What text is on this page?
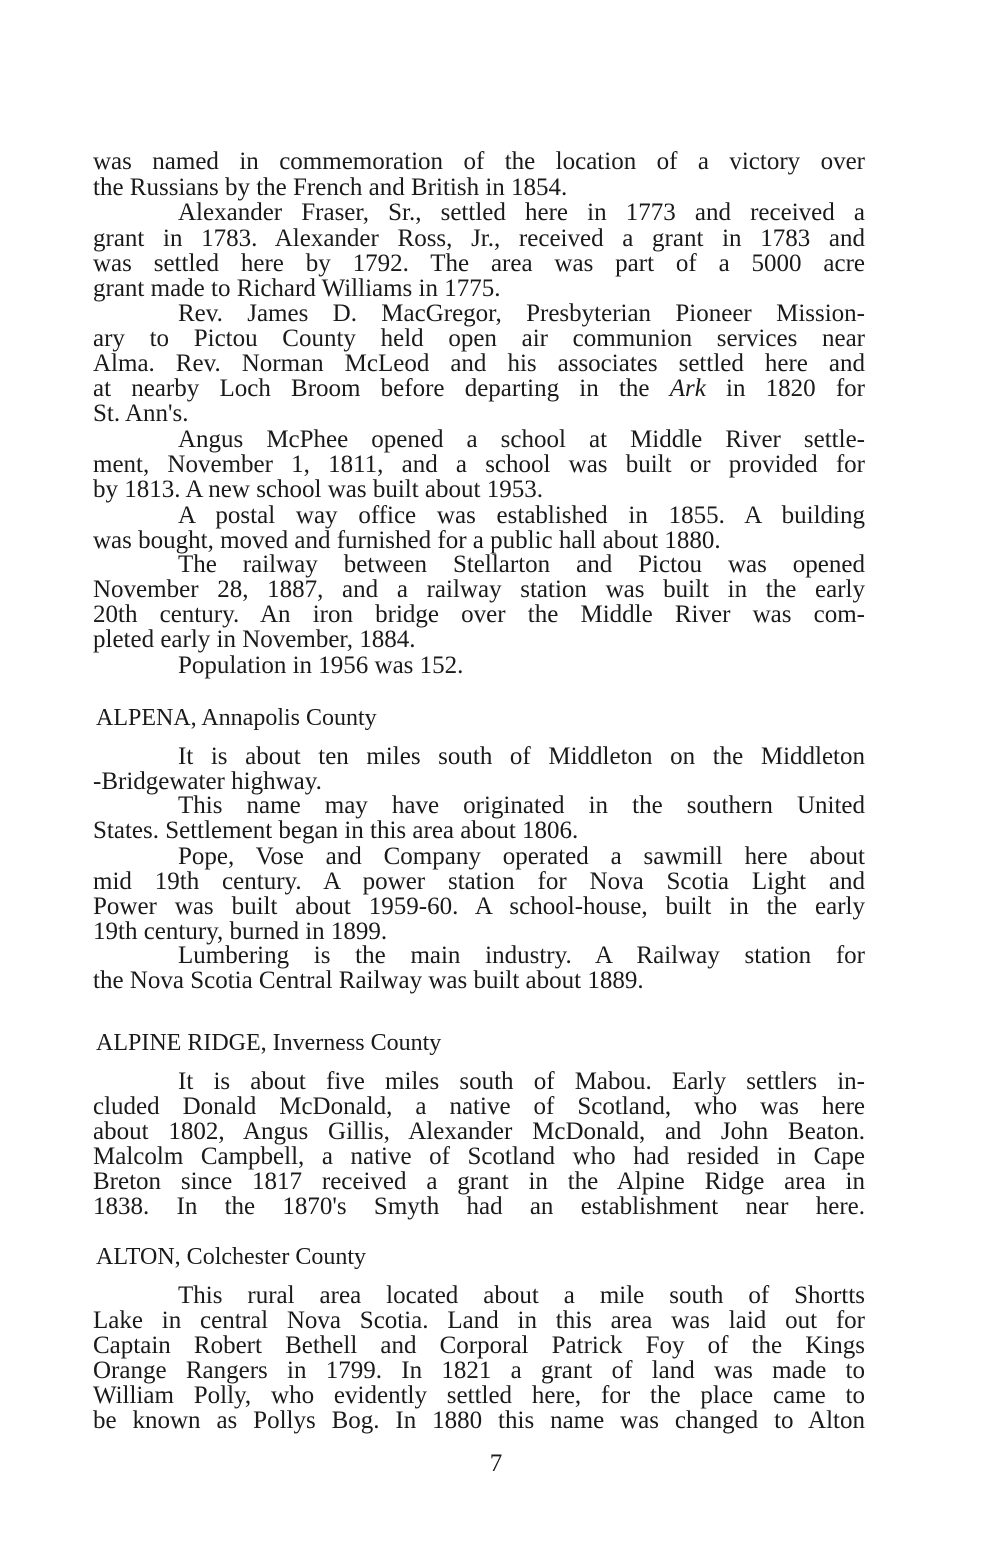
was named in commemoration of the location of a victory over
the Russians by the French and British in 1854.
Alexander Fraser, Sr., settled here in 1773 and received a
grant in 1783. Alexander Ross, Jr., received a grant in 1783 and
was settled here by 1792. The area was part of a 5000 acre
grant made to Richard Williams in 1775.
Rev. James D. MacGregor, Presbyterian Pioneer Mission-
ary to Pictou County held open air communion services near
Alma. Rev. Norman McLeod and his associates settled here and
at nearby Loch Broom before departing in the Ark in 1820 for
St. Ann's.
Angus McPhee opened a school at Middle River settle-
ment, November 1, 1811, and a school was built or provided for
by 1813. A new school was built about 1953.
A postal way office was established in 1855. A building
was bought, moved and furnished for a public hall about 1880.
The railway between Stellarton and Pictou was opened
November 28, 1887, and a railway station was built in the early
20th century. An iron bridge over the Middle River was com-
pleted early in November, 1884.
Population in 1956 was 152.
ALPENA, Annapolis County
It is about ten miles south of Middleton on the Middleton
-Bridgewater highway.
This name may have originated in the southern United
States. Settlement began in this area about 1806.
Pope, Vose and Company operated a sawmill here about
mid 19th century. A power station for Nova Scotia Light and
Power was built about 1959-60. A school-house, built in the early
19th century, burned in 1899.
Lumbering is the main industry. A Railway station for
the Nova Scotia Central Railway was built about 1889.
ALPINE RIDGE, Inverness County
It is about five miles south of Mabou. Early settlers in-
cluded Donald McDonald, a native of Scotland, who was here
about 1802, Angus Gillis, Alexander McDonald, and John Beaton.
Malcolm Campbell, a native of Scotland who had resided in Cape
Breton since 1817 received a grant in the Alpine Ridge area in
1838. In the 1870's Smyth had an establishment near here.
ALTON, Colchester County
This rural area located about a mile south of Shortts
Lake in central Nova Scotia. Land in this area was laid out for
Captain Robert Bethell and Corporal Patrick Foy of the Kings
Orange Rangers in 1799. In 1821 a grant of land was made to
William Polly, who evidently settled here, for the place came to
be known as Pollys Bog. In 1880 this name was changed to Alton
7
